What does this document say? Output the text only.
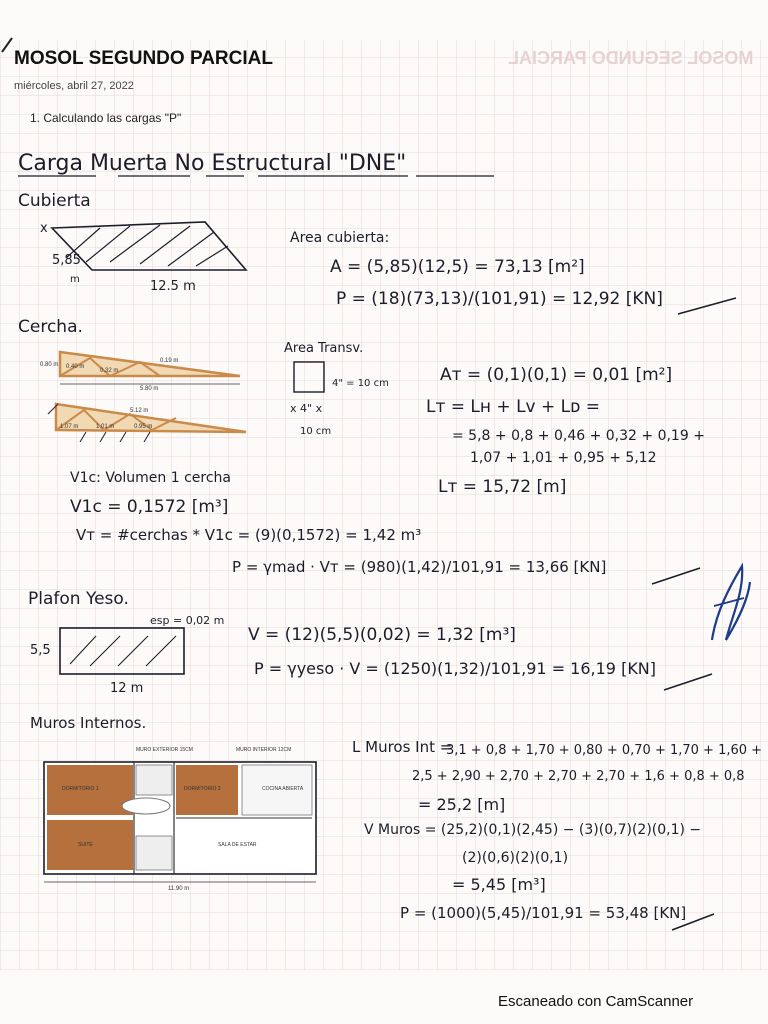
MOSOL SEGUNDO PARCIAL
MOSOL SEGUNDO PARCIAL
miércoles, abril 27, 2022
1. Calculando las cargas "P"
Carga Muerta No Estructural "DNE"
Cubierta
ⅹ
5,85
m	12.5 m
Area cubierta:
A = (5,85)(12,5) = 73,13 [m²]
P = (18)(73,13)/(101,91) = 12,92 [KN]
Cercha.
0.80 m 0.40 m
0.32 m
0.19 m
5.80 m
5.12 m
1.07 m	1.01 m	0.95 m
Area Transv.
4" = 10 cm
x 4" x
10 cm
Aᴛ = (0,1)(0,1) = 0,01 [m²]
Lᴛ = Lн + Lv + Lᴅ =
= 5,8 + 0,8 + 0,46 + 0,32 + 0,19 +
1,07 + 1,01 + 0,95 + 5,12
Lᴛ = 15,72 [m]
V1c: Volumen 1 cercha
V1c = 0,1572 [m³]
Vᴛ = #cerchas * V1c = (9)(0,1572) = 1,42 m³
P = γmad · Vᴛ = (980)(1,42)/101,91 = 13,66 [KN]
Plafon Yeso.
esp = 0,02 m
5,5
12 m
V = (12)(5,5)(0,02) = 1,32 [m³]
P = γyeso · V = (1250)(1,32)/101,91 = 16,19 [KN]
Muros Internos.
MURO EXTERIOR 15CM	MURO INTERIOR 12CM
DORMITORIO 1	DORMITORIO 2
SUITE	SALA DE ESTAR
COCINA ABIERTA
11.90 m
L Muros Int =
3,1 + 0,8 + 1,70 + 0,80 + 0,70 + 1,70 + 1,60 +
2,5 + 2,90 + 2,70 + 2,70 + 2,70 + 1,6 + 0,8 + 0,8
= 25,2 [m]
V Muros = (25,2)(0,1)(2,45) − (3)(0,7)(2)(0,1) −
(2)(0,6)(2)(0,1)
= 5,45 [m³]
P = (1000)(5,45)/101,91 = 53,48 [KN]
Escaneado con CamScanner
